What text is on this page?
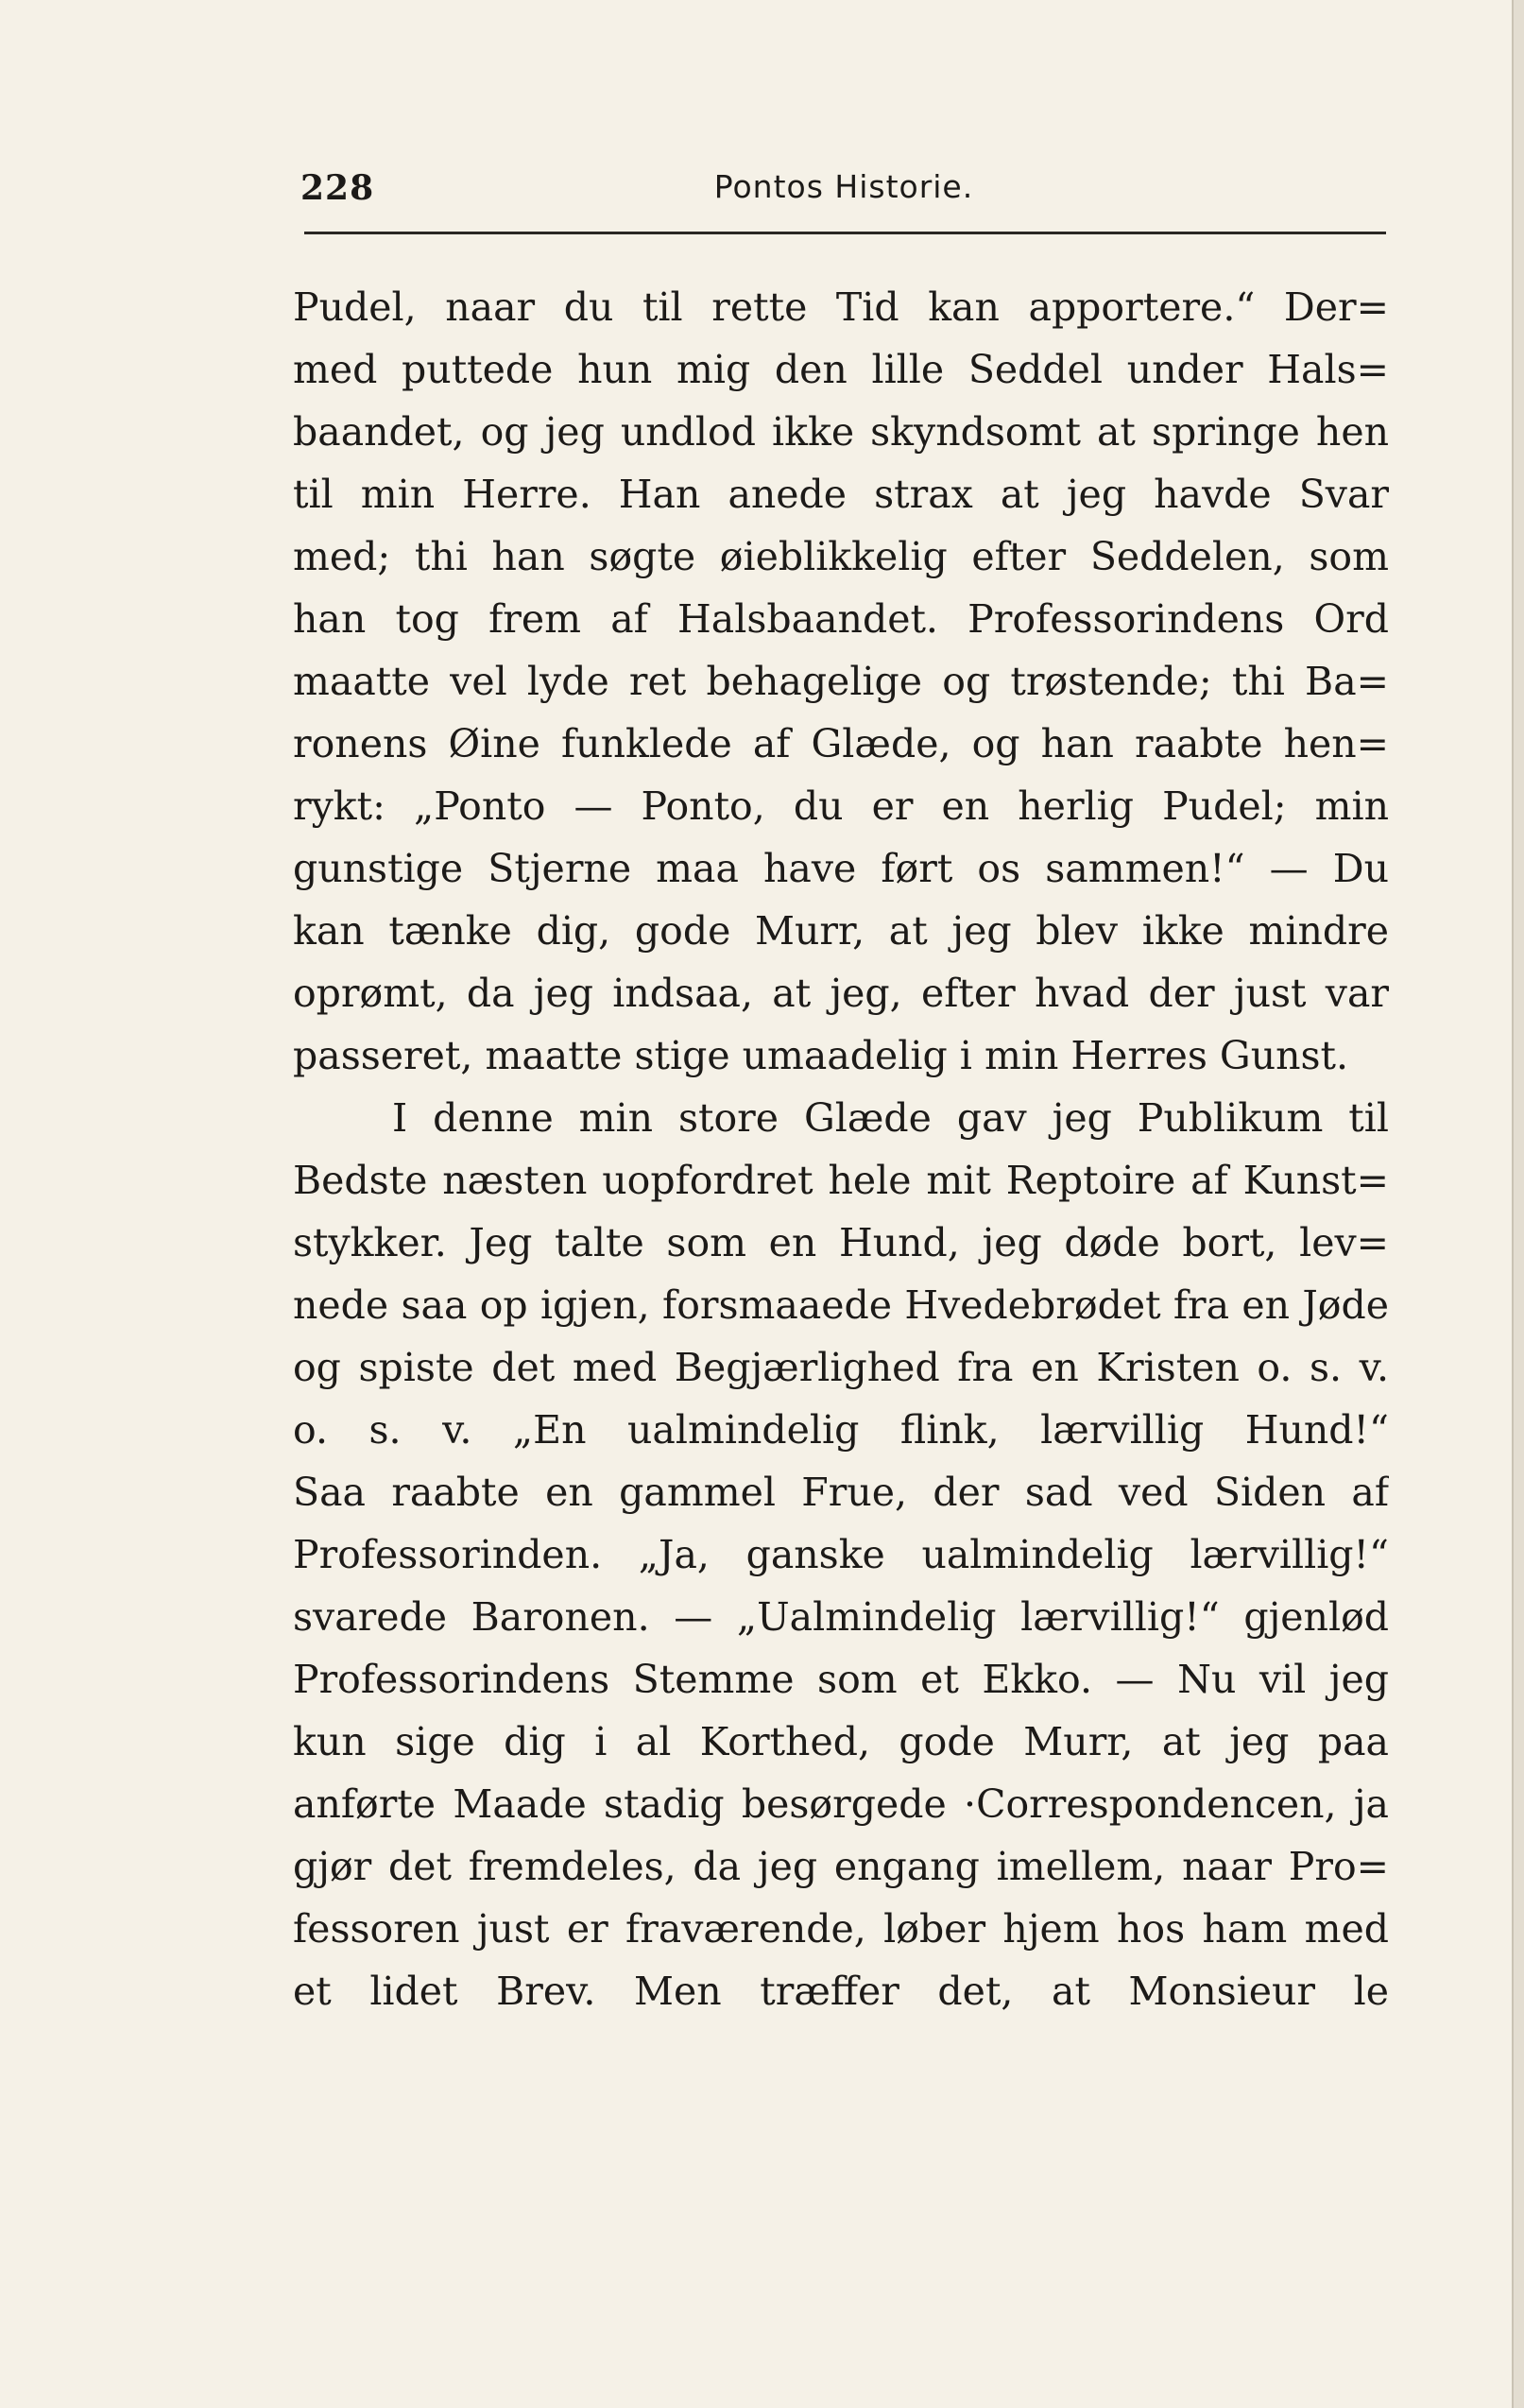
228	Pontos Historie.
Pudel, naar du til rette Tid kan apportere.“ Der=
med puttede hun mig den lille Seddel under Hals=
baandet, og jeg undlod ikke skyndsomt at springe hen
til min Herre. Han anede strax at jeg havde Svar
med; thi han søgte øieblikkelig efter Seddelen, som
han tog frem af Halsbaandet. Professorindens Ord
maatte vel lyde ret behagelige og trøstende; thi Ba=
ronens Øine funklede af Glæde, og han raabte hen=
rykt: „Ponto — Ponto, du er en herlig Pudel; min
gunstige Stjerne maa have ført os sammen!“ — Du
kan tænke dig, gode Murr, at jeg blev ikke mindre
oprømt, da jeg indsaa, at jeg, efter hvad der just var
passeret, maatte stige umaadelig i min Herres Gunst.
I denne min store Glæde gav jeg Publikum til
Bedste næsten uopfordret hele mit Reptoire af Kunst=
stykker. Jeg talte som en Hund, jeg døde bort, lev=
nede saa op igjen, forsmaaede Hvedebrødet fra en Jøde
og spiste det med Begjærlighed fra en Kristen o. s. v.
o. s. v. „En ualmindelig flink, lærvillig Hund!“
Saa raabte en gammel Frue, der sad ved Siden af
Professorinden. „Ja, ganske ualmindelig lærvillig!“
svarede Baronen. — „Ualmindelig lærvillig!“ gjenlød
Professorindens Stemme som et Ekko. — Nu vil jeg
kun sige dig i al Korthed, gode Murr, at jeg paa
anførte Maade stadig besørgede ·Correspondencen, ja
gjør det fremdeles, da jeg engang imellem, naar Pro=
fessoren just er fraværende, løber hjem hos ham med
et lidet Brev. Men træffer det, at Monsieur le
